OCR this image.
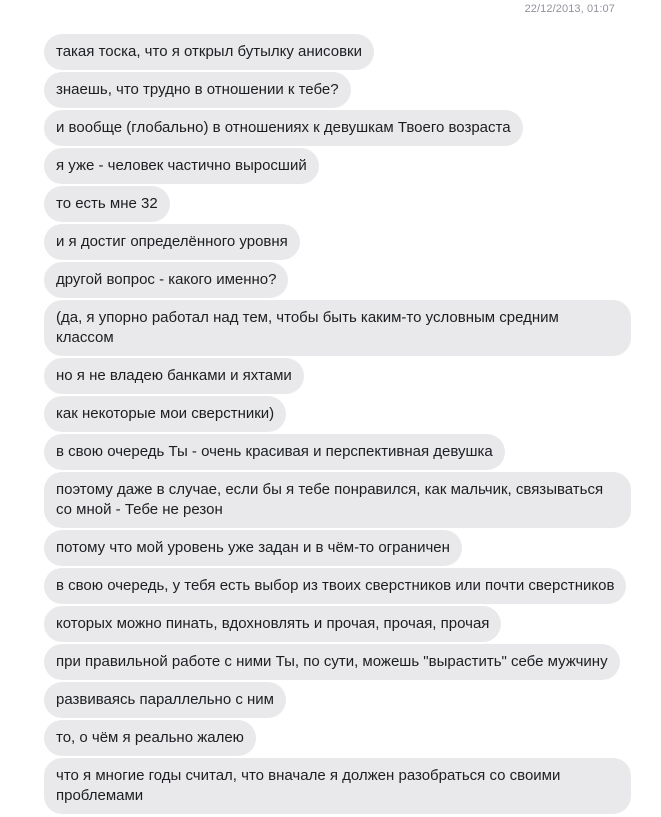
22/12/2013, 01:07
такая тоска, что я открыл бутылку анисовки
знаешь, что трудно в отношении к тебе?
и вообще (глобально) в отношениях к девушкам Твоего возраста
я уже - человек частично выросший
то есть мне 32
и я достиг определённого уровня
другой вопрос - какого именно?
(да, я упорно работал над тем, чтобы быть каким-то условным средним классом
но я не владею банками и яхтами
как некоторые мои сверстники)
в свою очередь Ты - очень красивая и перспективная девушка
поэтому даже в случае, если бы я тебе понравился, как мальчик, связываться со мной - Тебе не резон
потому что мой уровень уже задан и в чём-то ограничен
в свою очередь, у тебя есть выбор из твоих сверстников или почти сверстников
которых можно пинать, вдохновлять и прочая, прочая, прочая
при правильной работе с ними Ты, по сути, можешь "вырастить" себе мужчину
развиваясь параллельно с ним
то, о чём я реально жалею
что я многие годы считал, что вначале я должен разобраться со своими проблемами
